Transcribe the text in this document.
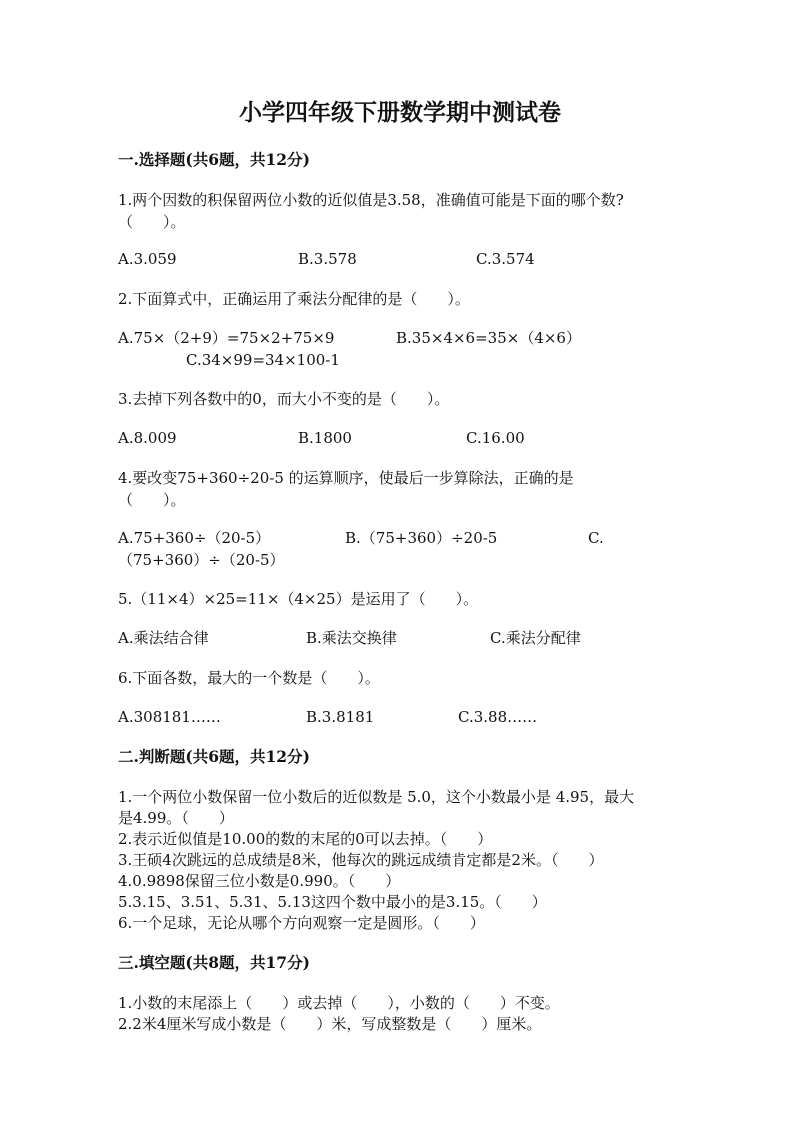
小学四年级下册数学期中测试卷
一.选择题(共6题，共12分)
1.两个因数的积保留两位小数的近似值是3.58，准确值可能是下面的哪个数?
（　　）。
A.3.059	B.3.578	C.3.574
2.下面算式中，正确运用了乘法分配律的是（　　）。
A.75×（2+9）=75×2+75×9	B.35×4×6=35×（4×6）
C.34×99=34×100-1
3.去掉下列各数中的0，而大小不变的是（　　）。
A.8.009	B.1800	C.16.00
4.要改变75+360÷20-5 的运算顺序，使最后一步算除法，正确的是
（　　）。
A.75+360÷（20-5）	B.（75+360）÷20-5	C.
（75+360）÷（20-5）
5.（11×4）×25=11×（4×25）是运用了（　　）。
A.乘法结合律	B.乘法交换律	C.乘法分配律
6.下面各数，最大的一个数是（　　）。
A.308181……	B.3.8181	C.3.88……
二.判断题(共6题，共12分)
1.一个两位小数保留一位小数后的近似数是 5.0，这个小数最小是 4.95，最大
是4.99。（　　）
2.表示近似值是10.00的数的末尾的0可以去掉。（　　）
3.王硕4次跳远的总成绩是8米，他每次的跳远成绩肯定都是2米。（　　）
4.0.9898保留三位小数是0.990。（　　）
5.3.15、3.51、5.31、5.13这四个数中最小的是3.15。（　　）
6.一个足球，无论从哪个方向观察一定是圆形。（　　）
三.填空题(共8题，共17分)
1.小数的末尾添上（　　）或去掉（　　），小数的（　　）不变。
2.2米4厘米写成小数是（　　）米，写成整数是（　　）厘米。
